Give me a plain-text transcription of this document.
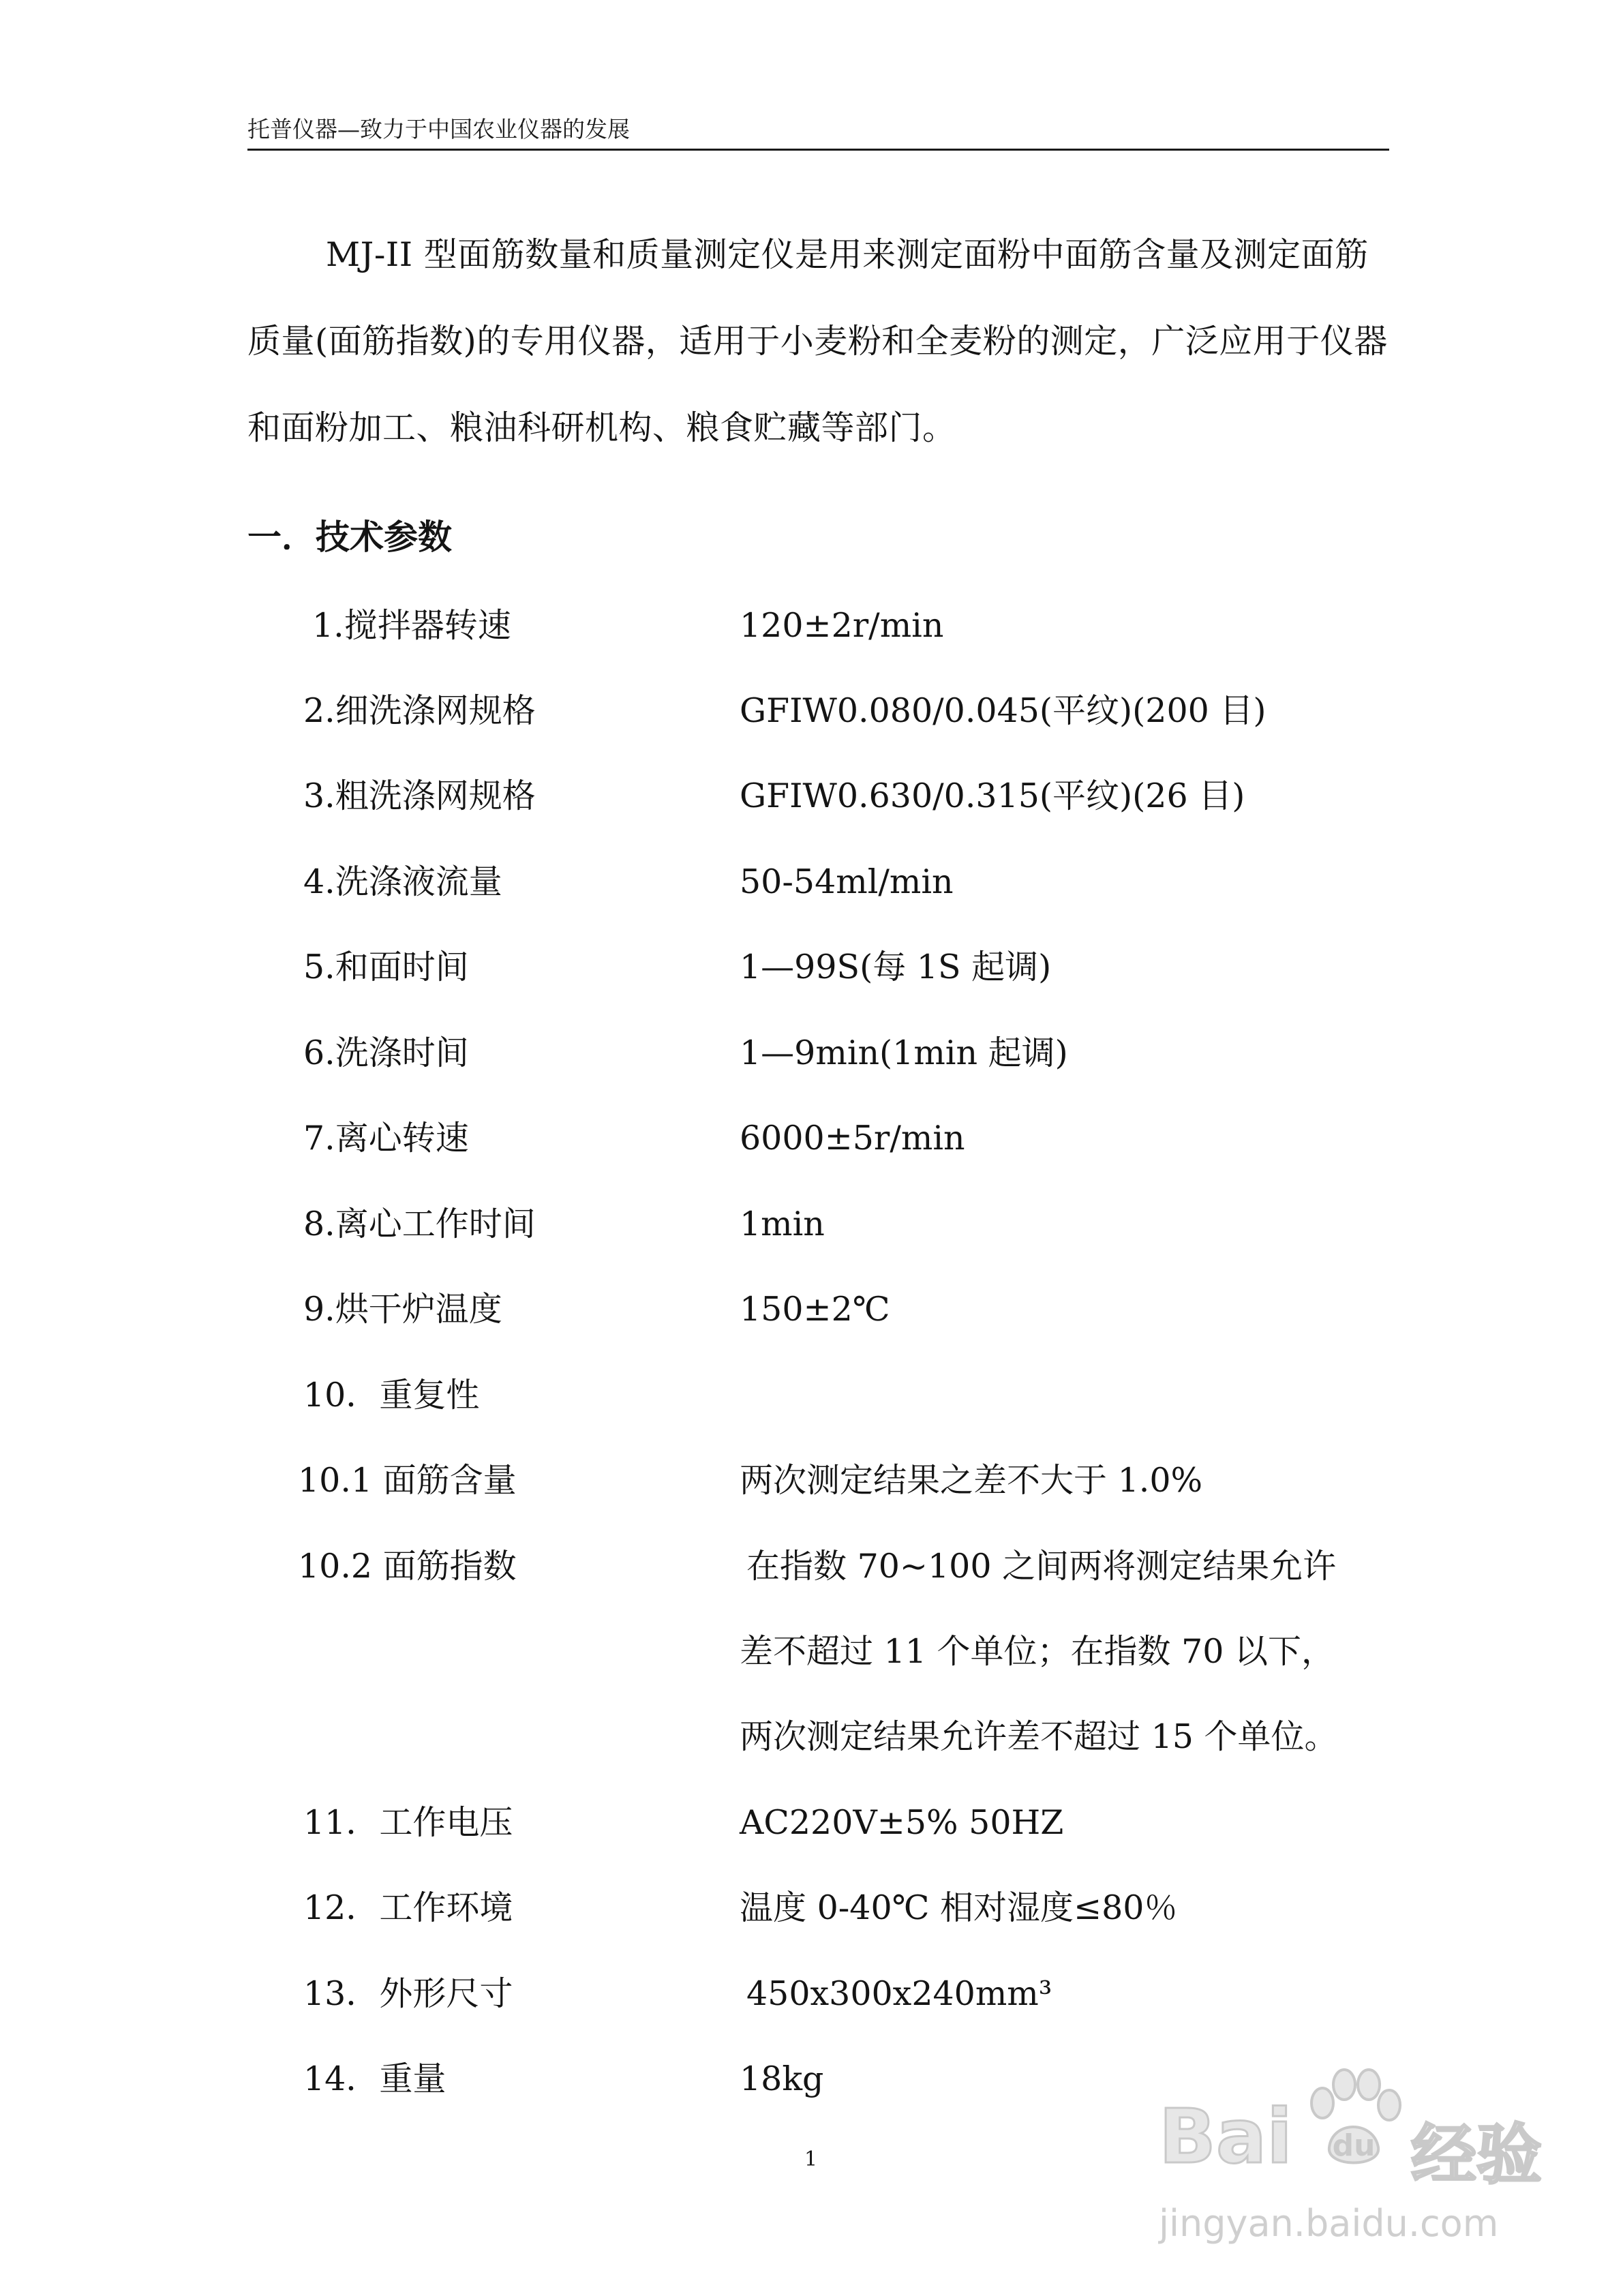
托普仪器—致力于中国农业仪器的发展
MJ-II 型面筋数量和质量测定仪是用来测定面粉中面筋含量及测定面筋质量(面筋指数)的专用仪器，适用于小麦粉和全麦粉的测定，广泛应用于仪器和面粉加工、粮油科研机构、粮食贮藏等部门。
一．技术参数
1.搅拌器转速	120±2r/min
2.细洗涤网规格	GFIW0.080/0.045(平纹)(200 目)
3.粗洗涤网规格	GFIW0.630/0.315(平纹)(26 目)
4.洗涤液流量	50-54ml/min
5.和面时间	1—99S(每 1S 起调)
6.洗涤时间	1—9min(1min 起调)
7.离心转速	6000±5r/min
8.离心工作时间	1min
9.烘干炉温度	150±2℃
10．重复性
10.1 面筋含量	两次测定结果之差不大于 1.0%
10.2 面筋指数	在指数 70~100 之间两将测定结果允许
差不超过 11 个单位；在指数 70 以下，
两次测定结果允许差不超过 15 个单位。
11．工作电压	AC220V±5% 50HZ
12．工作环境	温度 0-40℃ 相对湿度≤80％
13．外形尺寸	450x300x240mm³
14．重量	18kg
1	Bai du 经验
jingyan.baidu.com
